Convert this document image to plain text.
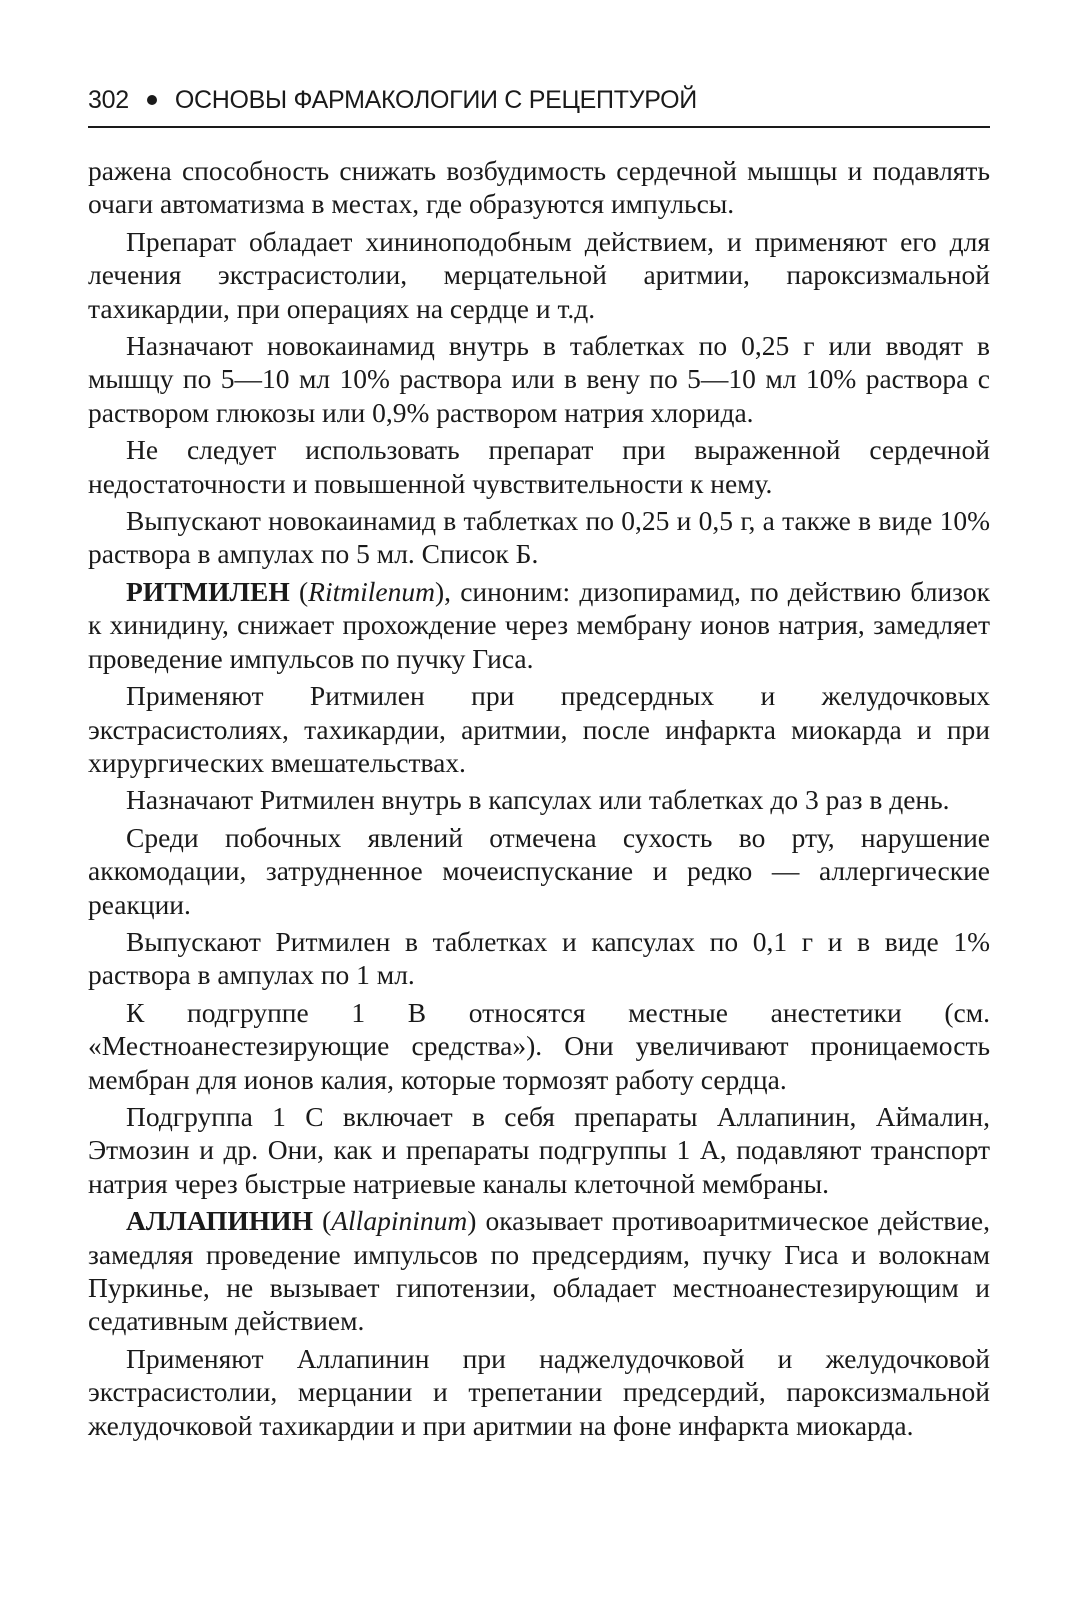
302 ОСНОВЫ ФАРМАКОЛОГИИ С РЕЦЕПТУРОЙ

ражена способность снижать возбудимость сердечной мышцы и подавлять очаги автоматизма в местах, где образуются импульсы.

Препарат обладает хининоподобным действием, и применяют его для лечения экстрасистолии, мерцательной аритмии, пароксизмальной тахикардии, при операциях на сердце и т.д.

Назначают новокаинамид внутрь в таблетках по 0,25 г или вводят в мышцу по 5—10 мл 10% раствора или в вену по 5—10 мл 10% раствора с раствором глюкозы или 0,9% раствором натрия хлорида.

Не следует использовать препарат при выраженной сердечной недостаточности и повышенной чувствительности к нему.

Выпускают новокаинамид в таблетках по 0,25 и 0,5 г, а также в виде 10% раствора в ампулах по 5 мл. Список Б.

РИТМИЛЕН (Ritmilenum), синоним: дизопирамид, по действию близок к хинидину, снижает прохождение через мембрану ионов натрия, замедляет проведение импульсов по пучку Гиса.

Применяют Ритмилен при предсердных и желудочковых экстрасистолиях, тахикардии, аритмии, после инфаркта миокарда и при хирургических вмешательствах.

Назначают Ритмилен внутрь в капсулах или таблетках до 3 раз в день.

Среди побочных явлений отмечена сухость во рту, нарушение аккомодации, затрудненное мочеиспускание и редко — аллергические реакции.

Выпускают Ритмилен в таблетках и капсулах по 0,1 г и в виде 1% раствора в ампулах по 1 мл.

К подгруппе 1 В относятся местные анестетики (см. «Местноанестезирующие средства»). Они увеличивают проницаемость мембран для ионов калия, которые тормозят работу сердца.

Подгруппа 1 С включает в себя препараты Аллапинин, Аймалин, Этмозин и др. Они, как и препараты подгруппы 1 А, подавляют транспорт натрия через быстрые натриевые каналы клеточной мембраны.

АЛЛАПИНИН (Allapininum) оказывает противоаритмическое действие, замедляя проведение импульсов по предсердиям, пучку Гиса и волокнам Пуркинье, не вызывает гипотензии, обладает местноанестезирующим и седативным действием.

Применяют Аллапинин при наджелудочковой и желудочковой экстрасистолии, мерцании и трепетании предсердий, пароксизмальной желудочковой тахикардии и при аритмии на фоне инфаркта миокарда.
